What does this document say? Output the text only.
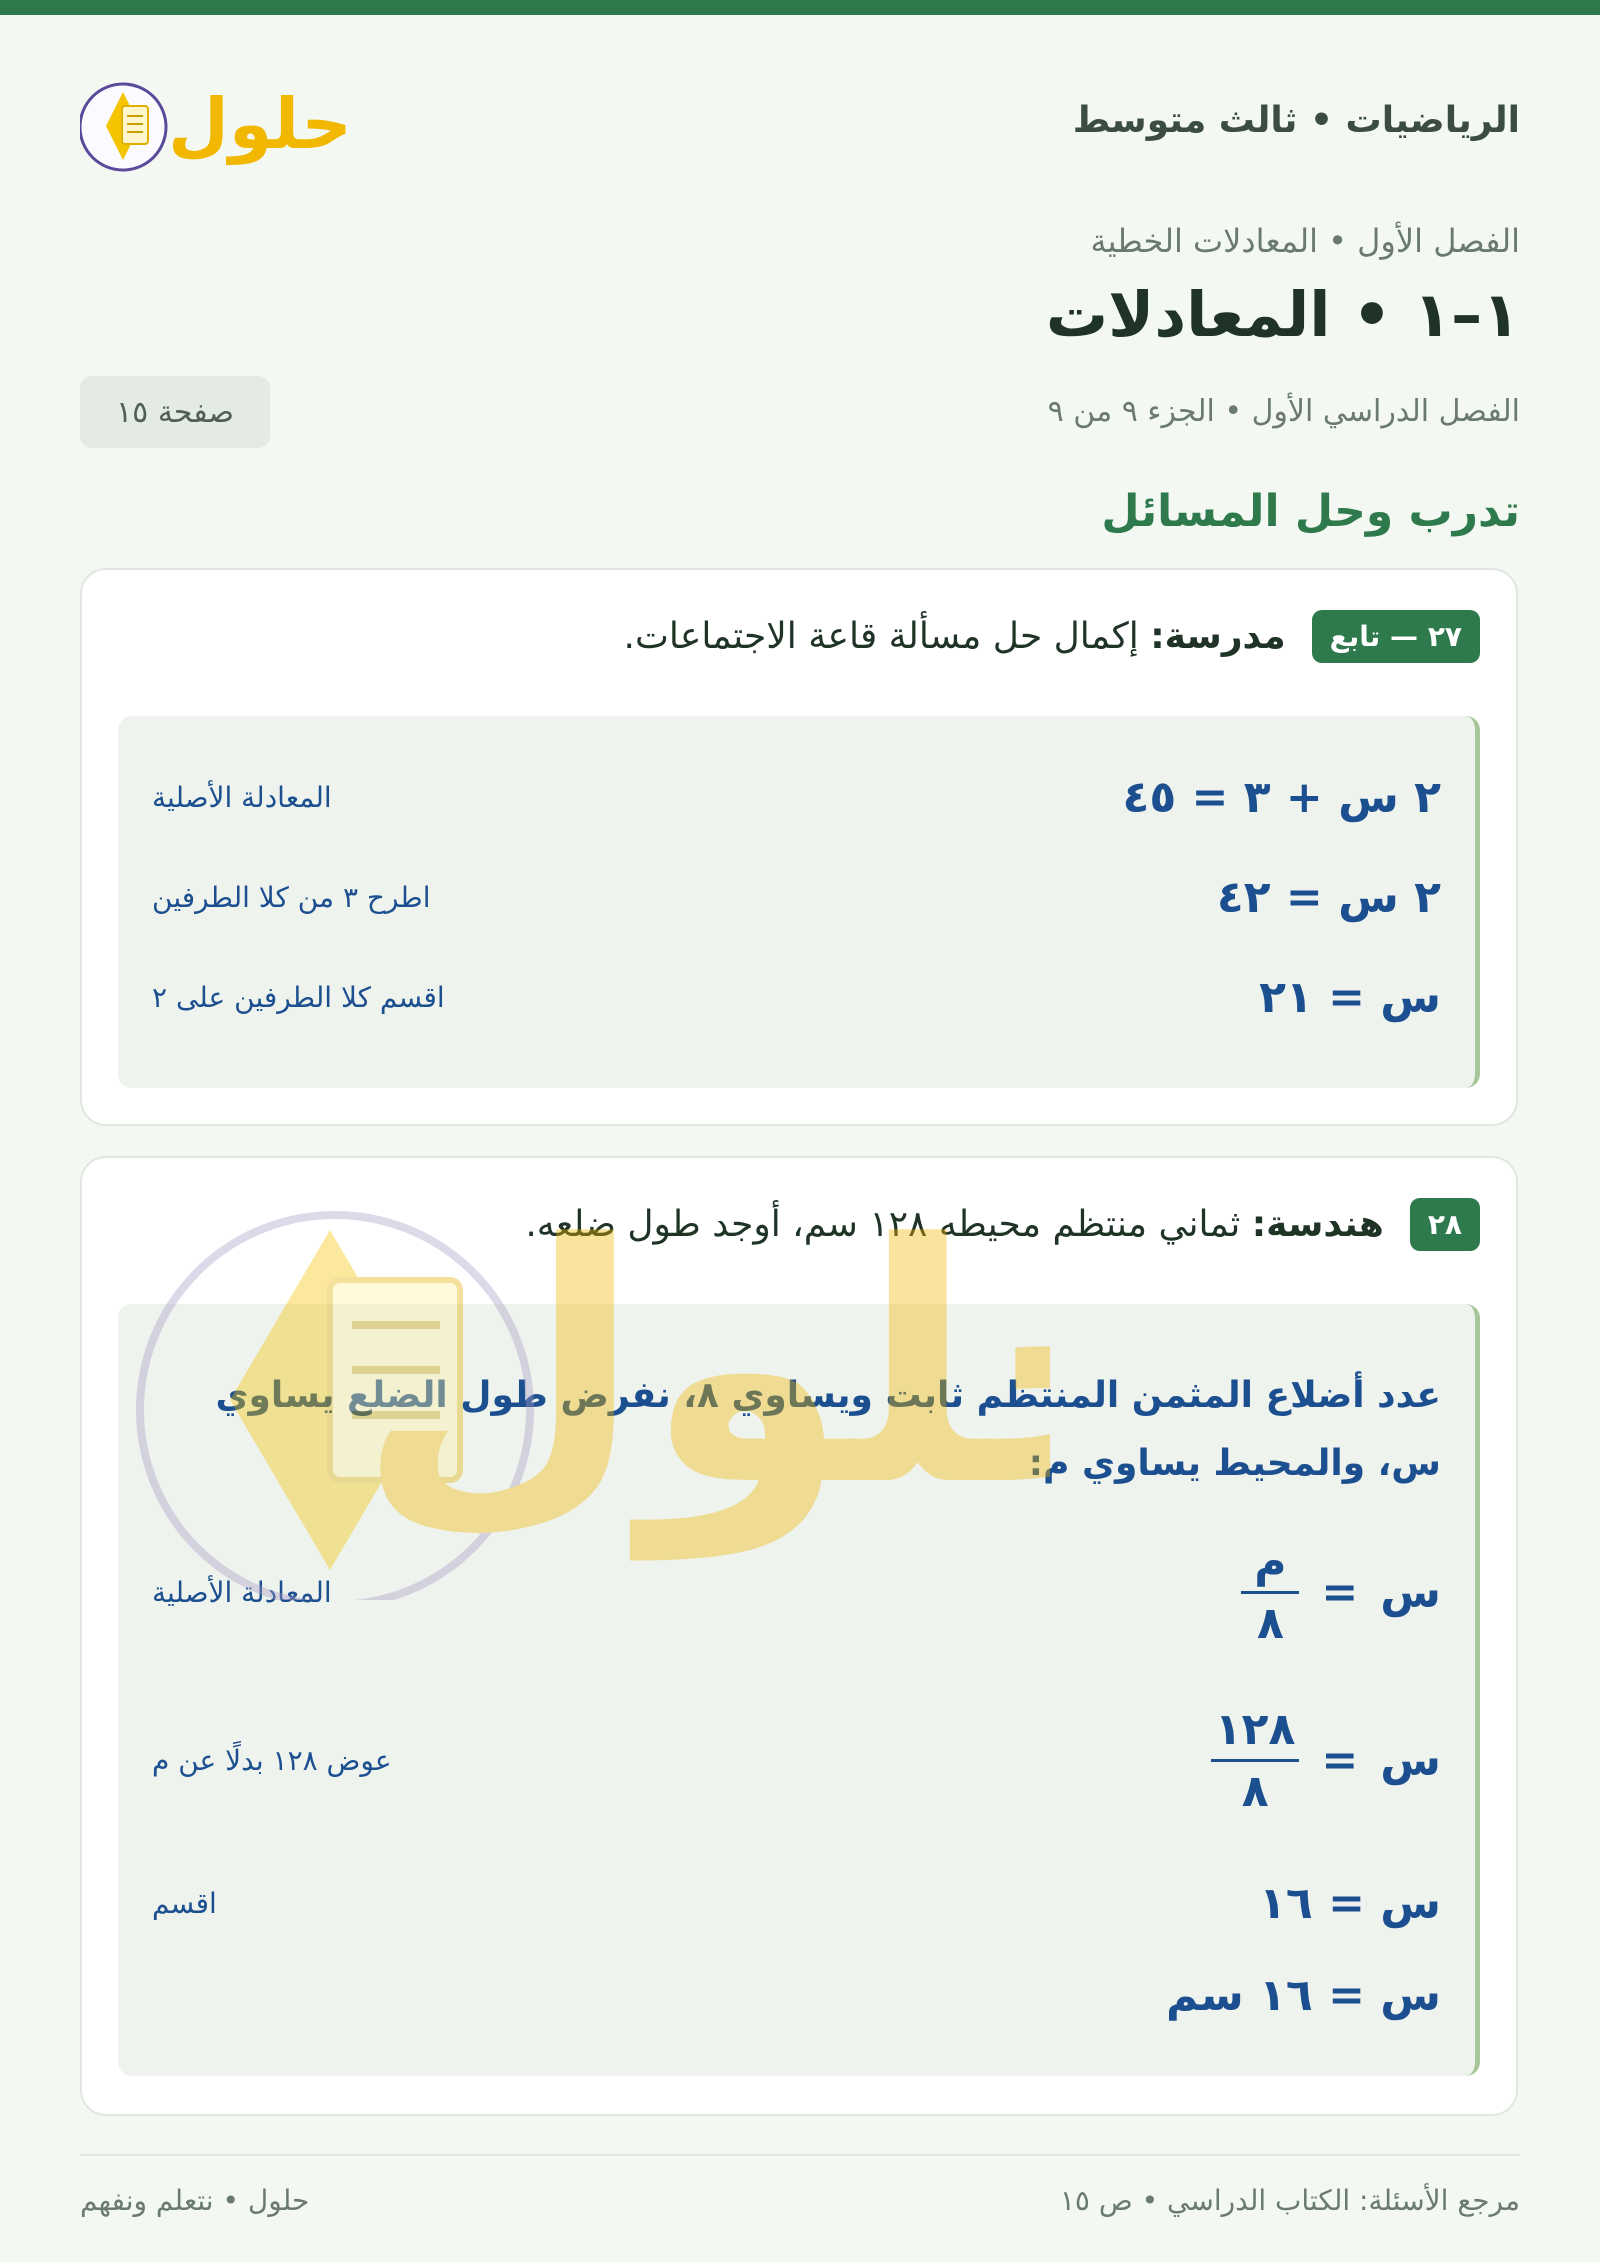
الرياضيات • ثالث متوسط
حلول
الفصل الأول • المعادلات الخطية
١–١ • المعادلات
الفصل الدراسي الأول • الجزء ٩ من ٩
صفحة ١٥
تدرب وحل المسائل
٢٧ — تابع
مدرسة: إكمال حل مسألة قاعة الاجتماعات.
٢ س + ٣ = ٤٥
المعادلة الأصلية
٢ س = ٤٢
اطرح ٣ من كلا الطرفين
س = ٢١
اقسم كلا الطرفين على ٢
٢٨
هندسة: ثماني منتظم محيطه ١٢٨ سم، أوجد طول ضلعه.
عدد أضلاع المثمن المنتظم ثابت ويساوي ٨، نفرض طول الضلع يساوي س، والمحيط يساوي م:
س
=
$\frac{\text{م}}{٨}$
المعادلة الأصلية
س
=
$\frac{١٢٨}{٨}$
عوض ١٢٨ بدلًا عن م
س = ١٦
اقسم
س = ١٦ سم
لول
مرجع الأسئلة: الكتاب الدراسي • ص ١٥
حلول • نتعلم ونفهم
